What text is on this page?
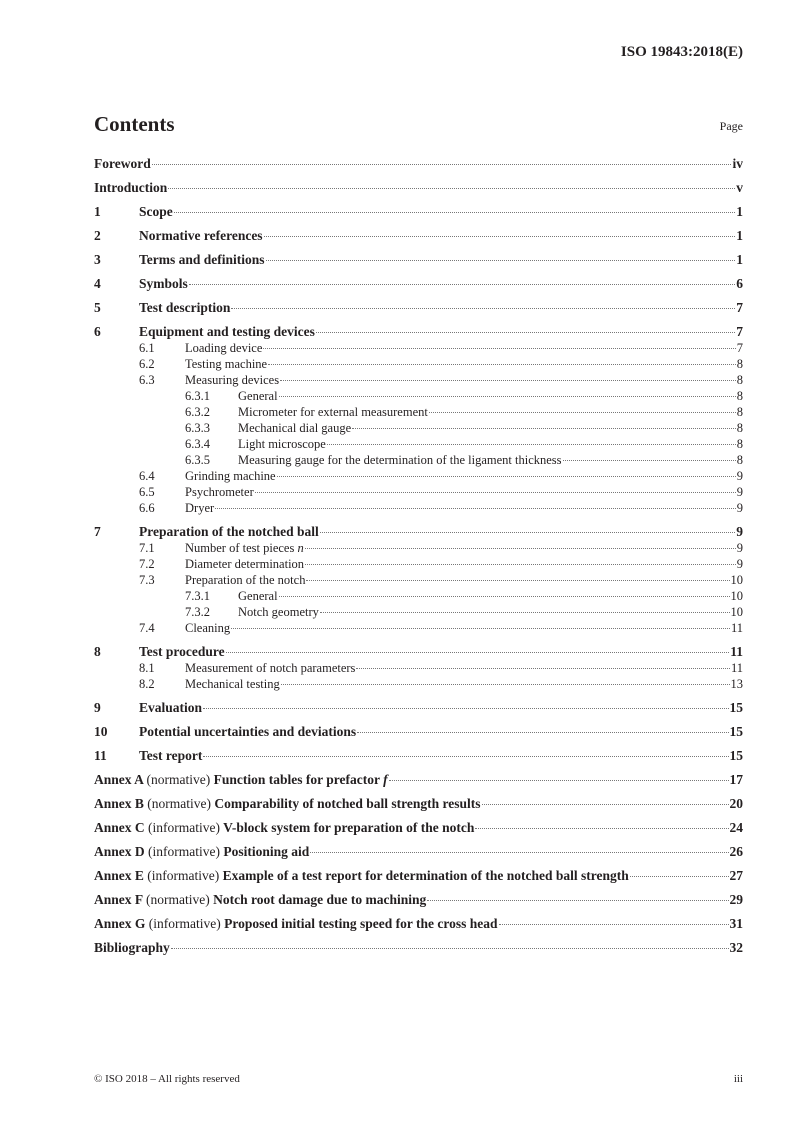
ISO 19843:2018(E)
Contents	Page
Foreword	iv
Introduction	v
1	Scope	1
2	Normative references	1
3	Terms and definitions	1
4	Symbols	6
5	Test description	7
6	Equipment and testing devices	7
6.1	Loading device	7
6.2	Testing machine	8
6.3	Measuring devices	8
6.3.1	General	8
6.3.2	Micrometer for external measurement	8
6.3.3	Mechanical dial gauge	8
6.3.4	Light microscope	8
6.3.5	Measuring gauge for the determination of the ligament thickness	8
6.4	Grinding machine	9
6.5	Psychrometer	9
6.6	Dryer	9
7	Preparation of the notched ball	9
7.1	Number of test pieces n	9
7.2	Diameter determination	9
7.3	Preparation of the notch	10
7.3.1	General	10
7.3.2	Notch geometry	10
7.4	Cleaning	11
8	Test procedure	11
8.1	Measurement of notch parameters	11
8.2	Mechanical testing	13
9	Evaluation	15
10	Potential uncertainties and deviations	15
11	Test report	15
Annex A (normative) Function tables for prefactor f	17
Annex B (normative) Comparability of notched ball strength results	20
Annex C (informative) V-block system for preparation of the notch	24
Annex D (informative) Positioning aid	26
Annex E (informative) Example of a test report for determination of the notched ball strength	27
Annex F (normative) Notch root damage due to machining	29
Annex G (informative) Proposed initial testing speed for the cross head	31
Bibliography	32
© ISO 2018 – All rights reserved	iii
